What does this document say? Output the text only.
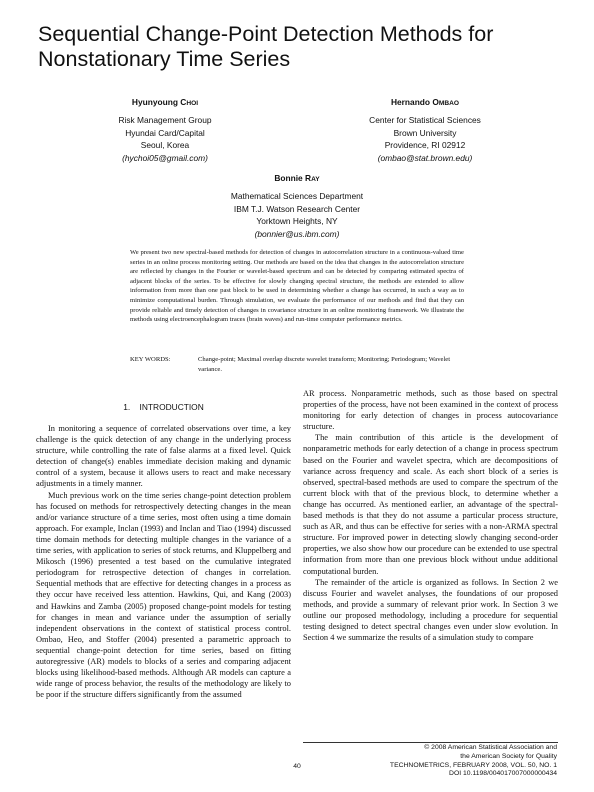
Sequential Change-Point Detection Methods for
Nonstationary Time Series
Hyunyoung CHOI
Risk Management Group
Hyundai Card/Capital
Seoul, Korea
(hychoi05@gmail.com)
Hernando OMBAO
Center for Statistical Sciences
Brown University
Providence, RI 02912
(ombao@stat.brown.edu)
Bonnie RAY
Mathematical Sciences Department
IBM T.J. Watson Research Center
Yorktown Heights, NY
(bonnier@us.ibm.com)

We present two new spectral-based methods for detection of changes in autocorrelation structure in a continuous-valued time series in an online process monitoring setting. Our methods are based on the idea that changes in the autocorrelation structure are reflected by changes in the Fourier or wavelet-based spectrum and can be detected by comparing estimated spectra of adjacent blocks of the series. To be effective for slowly changing spectral structure, the methods are extended to allow information from more than one past block to be used in determining whether a change has occurred, in such a way as to minimize computational burden. Through simulation, we evaluate the performance of our methods and find that they can provide reliable and timely detection of changes in covariance structure in an online monitoring framework. We illustrate the methods using electroencephalogram traces (brain waves) and run-time computer performance metrics.

KEY WORDS:	Change-point; Maximal overlap discrete wavelet transform; Monitoring; Periodogram; Wavelet variance.
1.    INTRODUCTION

In monitoring a sequence of correlated observations over time, a key challenge is the quick detection of any change in the underlying process structure, while controlling the rate of false alarms at a fixed level. Quick detection of change(s) enables immediate decision making and dynamic control of a system, because it allows users to react and make necessary adjustments in a timely manner.

Much previous work on the time series change-point detection problem has focused on methods for retrospectively detecting changes in the mean and/or variance structure of a time series, most often using a time domain approach. For example, Inclan (1993) and Inclan and Tiao (1994) discussed time domain methods for detecting multiple changes in the variance of a time series, with application to series of stock returns, and Kluppelberg and Mikosch (1996) presented a test based on the cumulative integrated periodogram for retrospective detection of changes in correlation. Sequential methods that are effective for detecting changes in a process as they occur have received less attention. Hawkins, Qui, and Kang (2003) and Hawkins and Zamba (2005) proposed change-point models for testing for changes in mean and variance under the assumption of serially independent observations in the context of statistical process control. Ombao, Heo, and Stoffer (2004) presented a parametric approach to sequential change-point detection for time series, based on fitting autoregressive (AR) models to blocks of a series and comparing adjacent blocks using likelihood-based methods. Although AR models can capture a wide range of process behavior, the results of the methodology are likely to be poor if the structure differs significantly from the assumed

AR process. Nonparametric methods, such as those based on spectral properties of the process, have not been examined in the context of process monitoring for early detection of changes in process autocovariance structure.

The main contribution of this article is the development of nonparametric methods for early detection of a change in process spectrum based on the Fourier and wavelet spectra, which are decompositions of variance across frequency and scale. As each short block of a series is observed, spectral-based methods are used to compare the spectrum of the current block with that of the previous block, to determine whether a change has occurred. As mentioned earlier, an advantage of the spectral-based methods is that they do not assume a particular process structure, such as AR, and thus can be effective for series with a non-ARMA spectral structure. For improved power in detecting slowly changing second-order properties, we also show how our procedure can be extended to use spectral information from more than one previous block without undue additional computational burden.

The remainder of the article is organized as follows. In Section 2 we discuss Fourier and wavelet analyses, the foundations of our proposed methods, and provide a summary of relevant prior work. In Section 3 we outline our proposed methodology, including a procedure for sequential testing designed to detect spectral changes even under slow evolution. In Section 4 we summarize the results of a simulation study to compare

© 2008 American Statistical Association and
the American Society for Quality
TECHNOMETRICS, FEBRUARY 2008, VOL. 50, NO. 1
DOI 10.1198/004017007000000434
40
